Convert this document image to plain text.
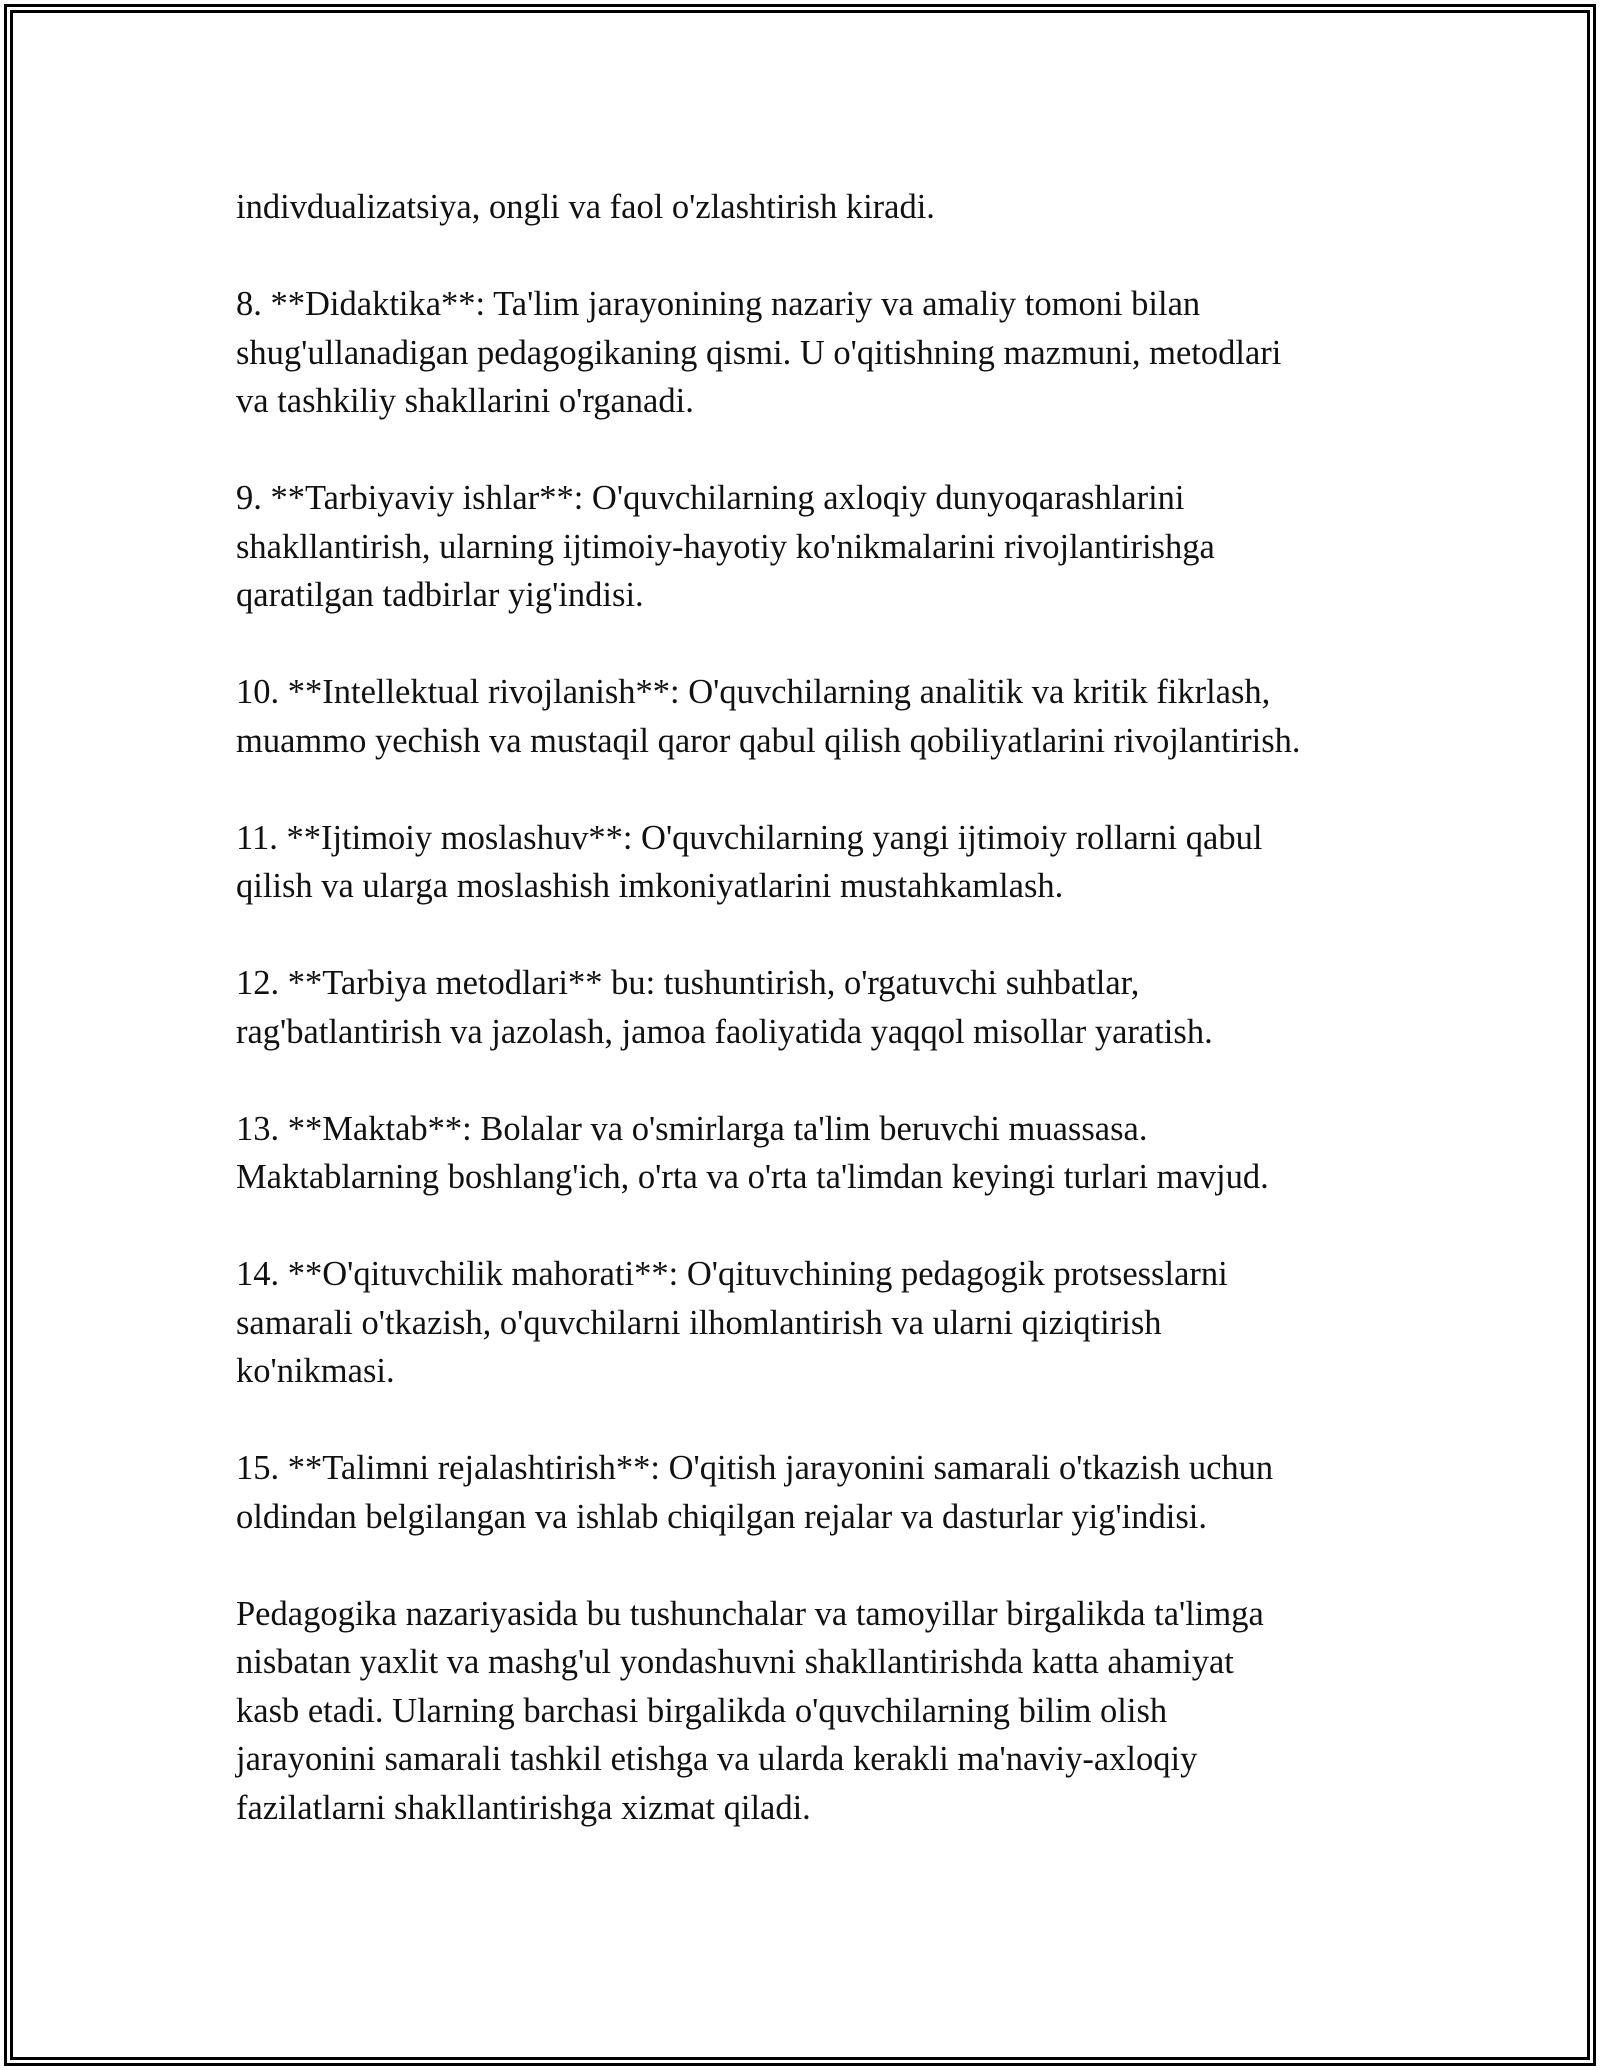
indivdualizatsiya, ongli va faol o'zlashtirish kiradi.

8. **Didaktika**: Ta'lim jarayonining nazariy va amaliy tomoni bilan
shug'ullanadigan pedagogikaning qismi. U o'qitishning mazmuni, metodlari
va tashkiliy shakllarini o'rganadi.

9. **Tarbiyaviy ishlar**: O'quvchilarning axloqiy dunyoqarashlarini
shakllantirish, ularning ijtimoiy-hayotiy ko'nikmalarini rivojlantirishga
qaratilgan tadbirlar yig'indisi.

10. **Intellektual rivojlanish**: O'quvchilarning analitik va kritik fikrlash,
muammo yechish va mustaqil qaror qabul qilish qobiliyatlarini rivojlantirish.

11. **Ijtimoiy moslashuv**: O'quvchilarning yangi ijtimoiy rollarni qabul
qilish va ularga moslashish imkoniyatlarini mustahkamlash.

12. **Tarbiya metodlari** bu: tushuntirish, o'rgatuvchi suhbatlar,
rag'batlantirish va jazolash, jamoa faoliyatida yaqqol misollar yaratish.

13. **Maktab**: Bolalar va o'smirlarga ta'lim beruvchi muassasa.
Maktablarning boshlang'ich, o'rta va o'rta ta'limdan keyingi turlari mavjud.

14. **O'qituvchilik mahorati**: O'qituvchining pedagogik protsesslarni
samarali o'tkazish, o'quvchilarni ilhomlantirish va ularni qiziqtirish
ko'nikmasi.

15. **Talimni rejalashtirish**: O'qitish jarayonini samarali o'tkazish uchun
oldindan belgilangan va ishlab chiqilgan rejalar va dasturlar yig'indisi.

Pedagogika nazariyasida bu tushunchalar va tamoyillar birgalikda ta'limga
nisbatan yaxlit va mashg'ul yondashuvni shakllantirishda katta ahamiyat
kasb etadi. Ularning barchasi birgalikda o'quvchilarning bilim olish
jarayonini samarali tashkil etishga va ularda kerakli ma'naviy-axloqiy
fazilatlarni shakllantirishga xizmat qiladi.
